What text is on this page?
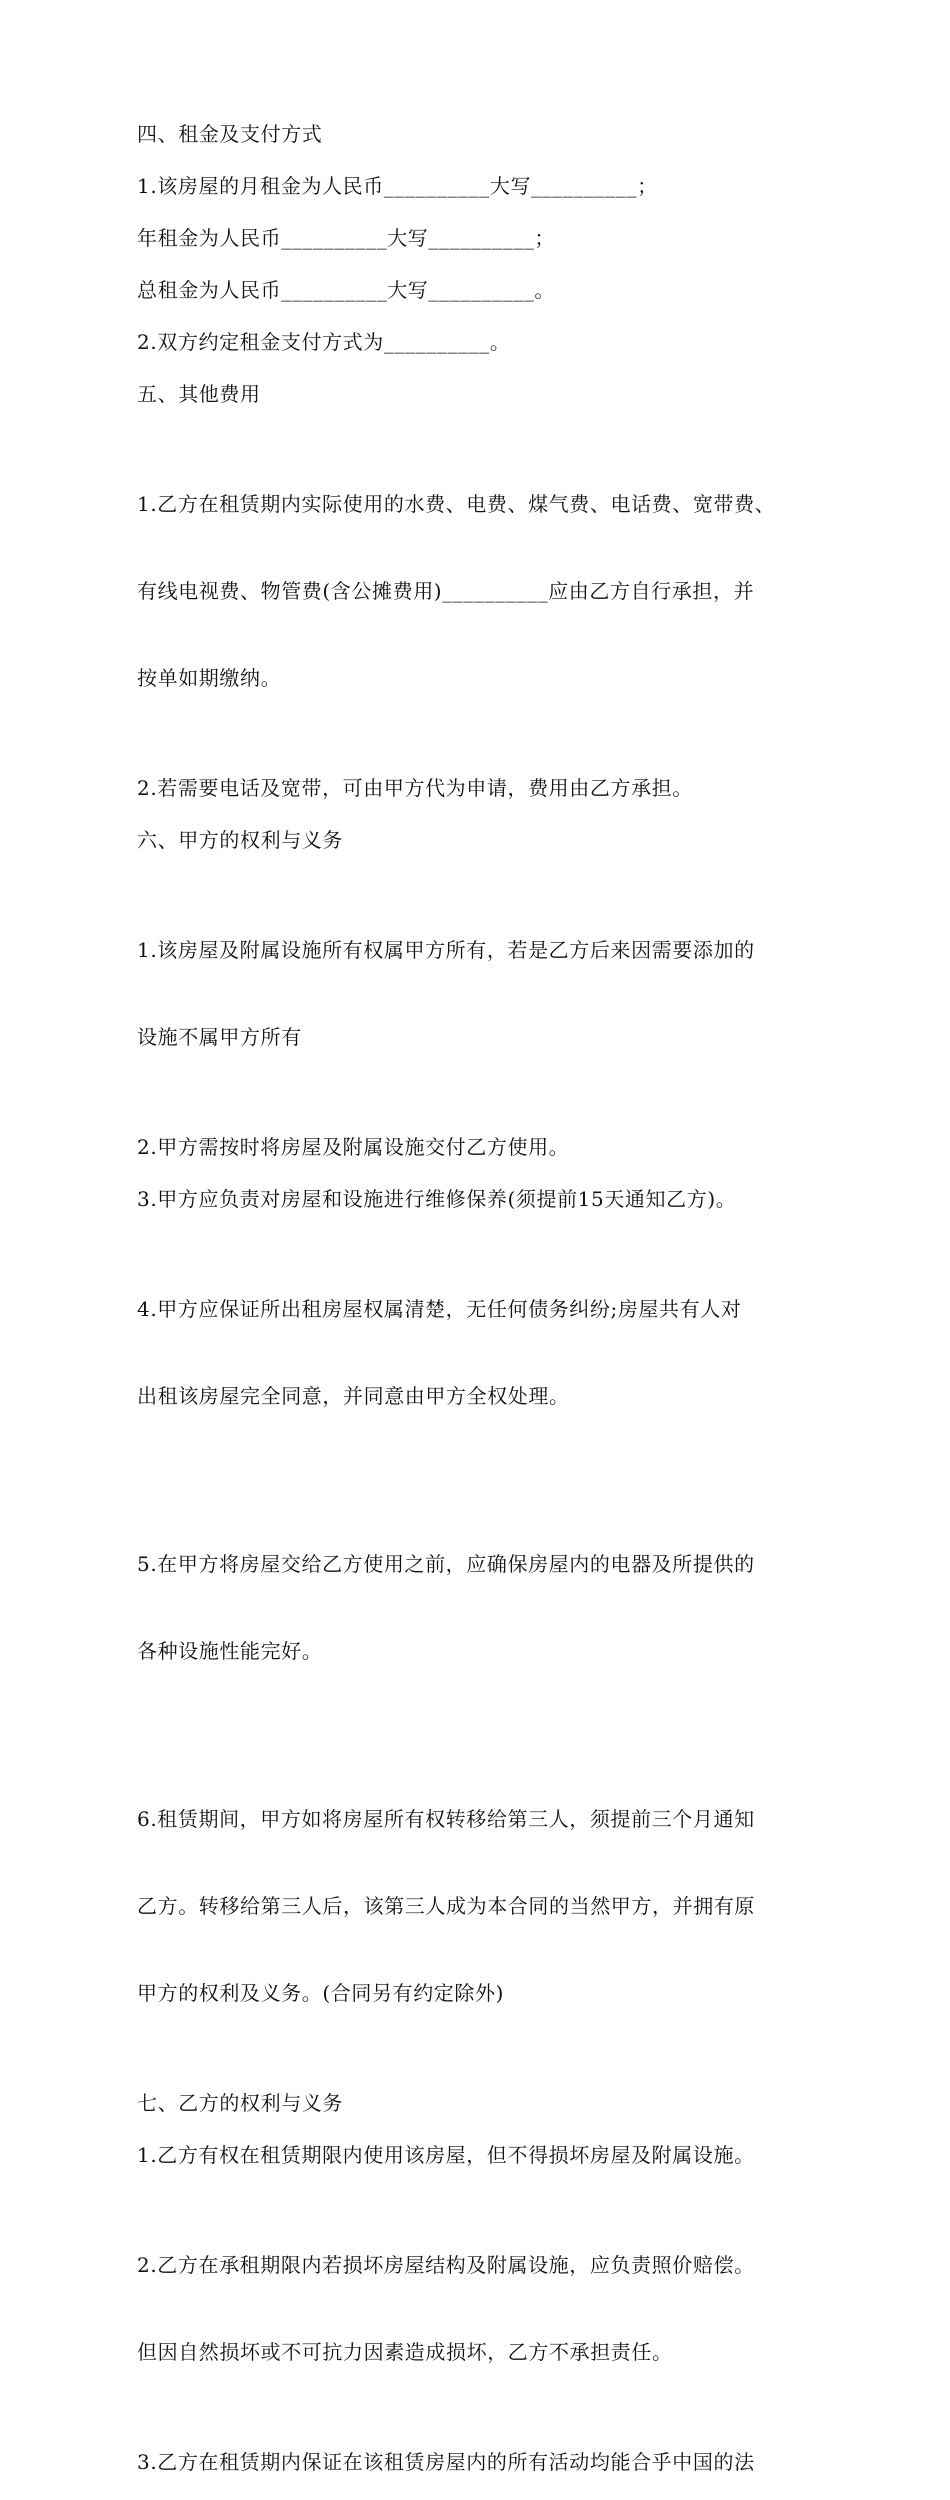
四、租金及支付方式
1.该房屋的月租金为人民币__________大写__________；
年租金为人民币__________大写__________；
总租金为人民币__________大写__________。
2.双方约定租金支付方式为__________。
五、其他费用

1.乙方在租赁期内实际使用的水费、电费、煤气费、电话费、宽带费、

有线电视费、物管费(含公摊费用)__________应由乙方自行承担，并

按单如期缴纳。

2.若需要电话及宽带，可由甲方代为申请，费用由乙方承担。
六、甲方的权利与义务

1.该房屋及附属设施所有权属甲方所有，若是乙方后来因需要添加的

设施不属甲方所有

2.甲方需按时将房屋及附属设施交付乙方使用。
3.甲方应负责对房屋和设施进行维修保养(须提前15天通知乙方)。

4.甲方应保证所出租房屋权属清楚，无任何债务纠纷;房屋共有人对

出租该房屋完全同意，并同意由甲方全权处理。

5.在甲方将房屋交给乙方使用之前，应确保房屋内的电器及所提供的

各种设施性能完好。

6.租赁期间，甲方如将房屋所有权转移给第三人，须提前三个月通知

乙方。转移给第三人后，该第三人成为本合同的当然甲方，并拥有原

甲方的权利及义务。(合同另有约定除外)

七、乙方的权利与义务
1.乙方有权在租赁期限内使用该房屋，但不得损坏房屋及附属设施。

2.乙方在承租期限内若损坏房屋结构及附属设施，应负责照价赔偿。

但因自然损坏或不可抗力因素造成损坏，乙方不承担责任。

3.乙方在租赁期内保证在该租赁房屋内的所有活动均能合乎中国的法
